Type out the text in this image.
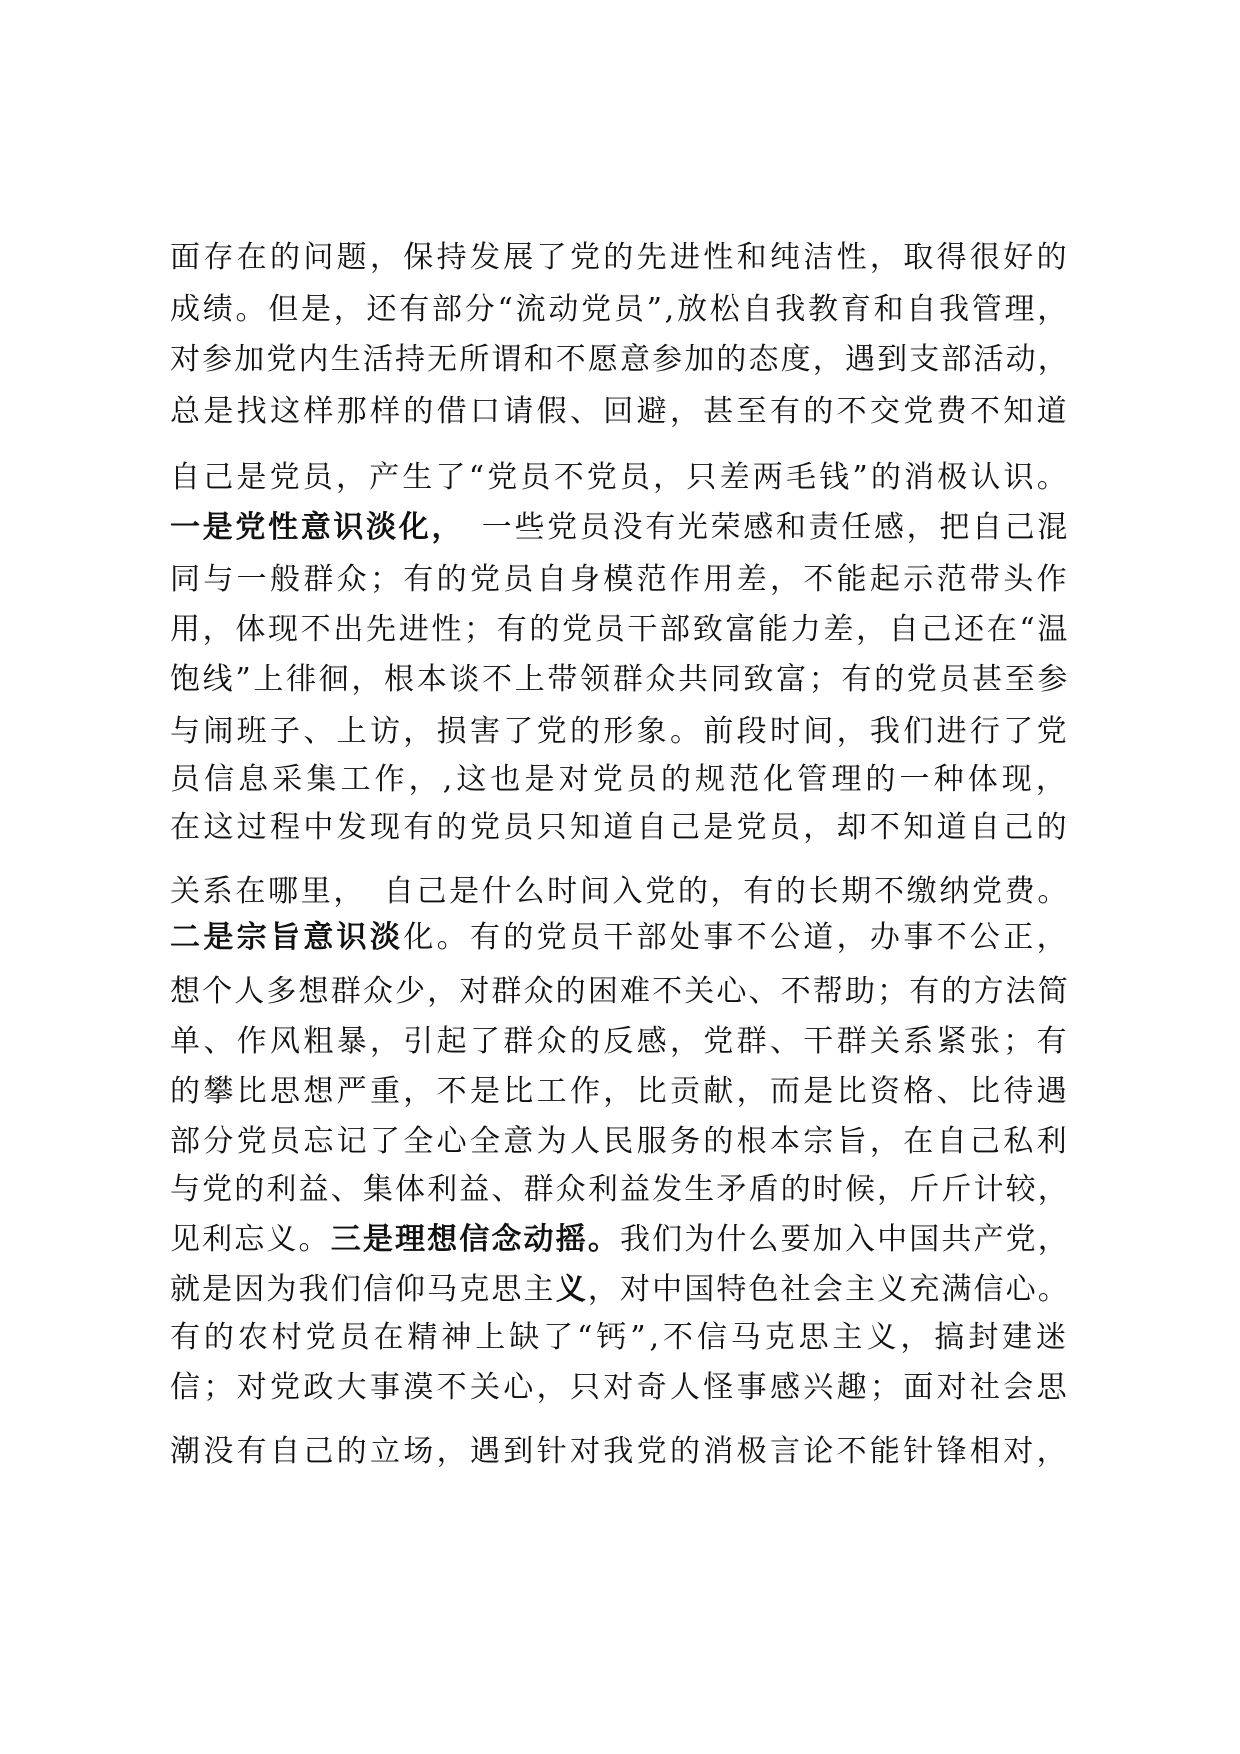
面存在的问题，保持发展了党的先进性和纯洁性，取得很好的
成绩。但是，还有部分“流动党员”,放松自我教育和自我管理，
对参加党内生活持无所谓和不愿意参加的态度，遇到支部活动，
总是找这样那样的借口请假、回避，甚至有的不交党费不知道
自己是党员，产生了“党员不党员，只差两毛钱”的消极认识。
一是党性意识淡化，　一些党员没有光荣感和责任感，把自己混
同与一般群众；有的党员自身模范作用差，不能起示范带头作
用，体现不出先进性；有的党员干部致富能力差，自己还在“温
饱线”上徘徊，根本谈不上带领群众共同致富；有的党员甚至参
与闹班子、上访，损害了党的形象。前段时间，我们进行了党
员信息采集工作，,这也是对党员的规范化管理的一种体现，
在这过程中发现有的党员只知道自己是党员，却不知道自己的
关系在哪里，　自己是什么时间入党的，有的长期不缴纳党费。
二是宗旨意识淡化。有的党员干部处事不公道，办事不公正，
想个人多想群众少，对群众的困难不关心、不帮助；有的方法简
单、作风粗暴，引起了群众的反感，党群、干群关系紧张；有
的攀比思想严重，不是比工作，比贡献，而是比资格、比待遇
部分党员忘记了全心全意为人民服务的根本宗旨，在自己私利
与党的利益、集体利益、群众利益发生矛盾的时候，斤斤计较，
见利忘义。三是理想信念动摇。我们为什么要加入中国共产党，
就是因为我们信仰马克思主义，对中国特色社会主义充满信心。
有的农村党员在精神上缺了“钙”,不信马克思主义，搞封建迷
信；对党政大事漠不关心，只对奇人怪事感兴趣；面对社会思
潮没有自己的立场，遇到针对我党的消极言论不能针锋相对，
